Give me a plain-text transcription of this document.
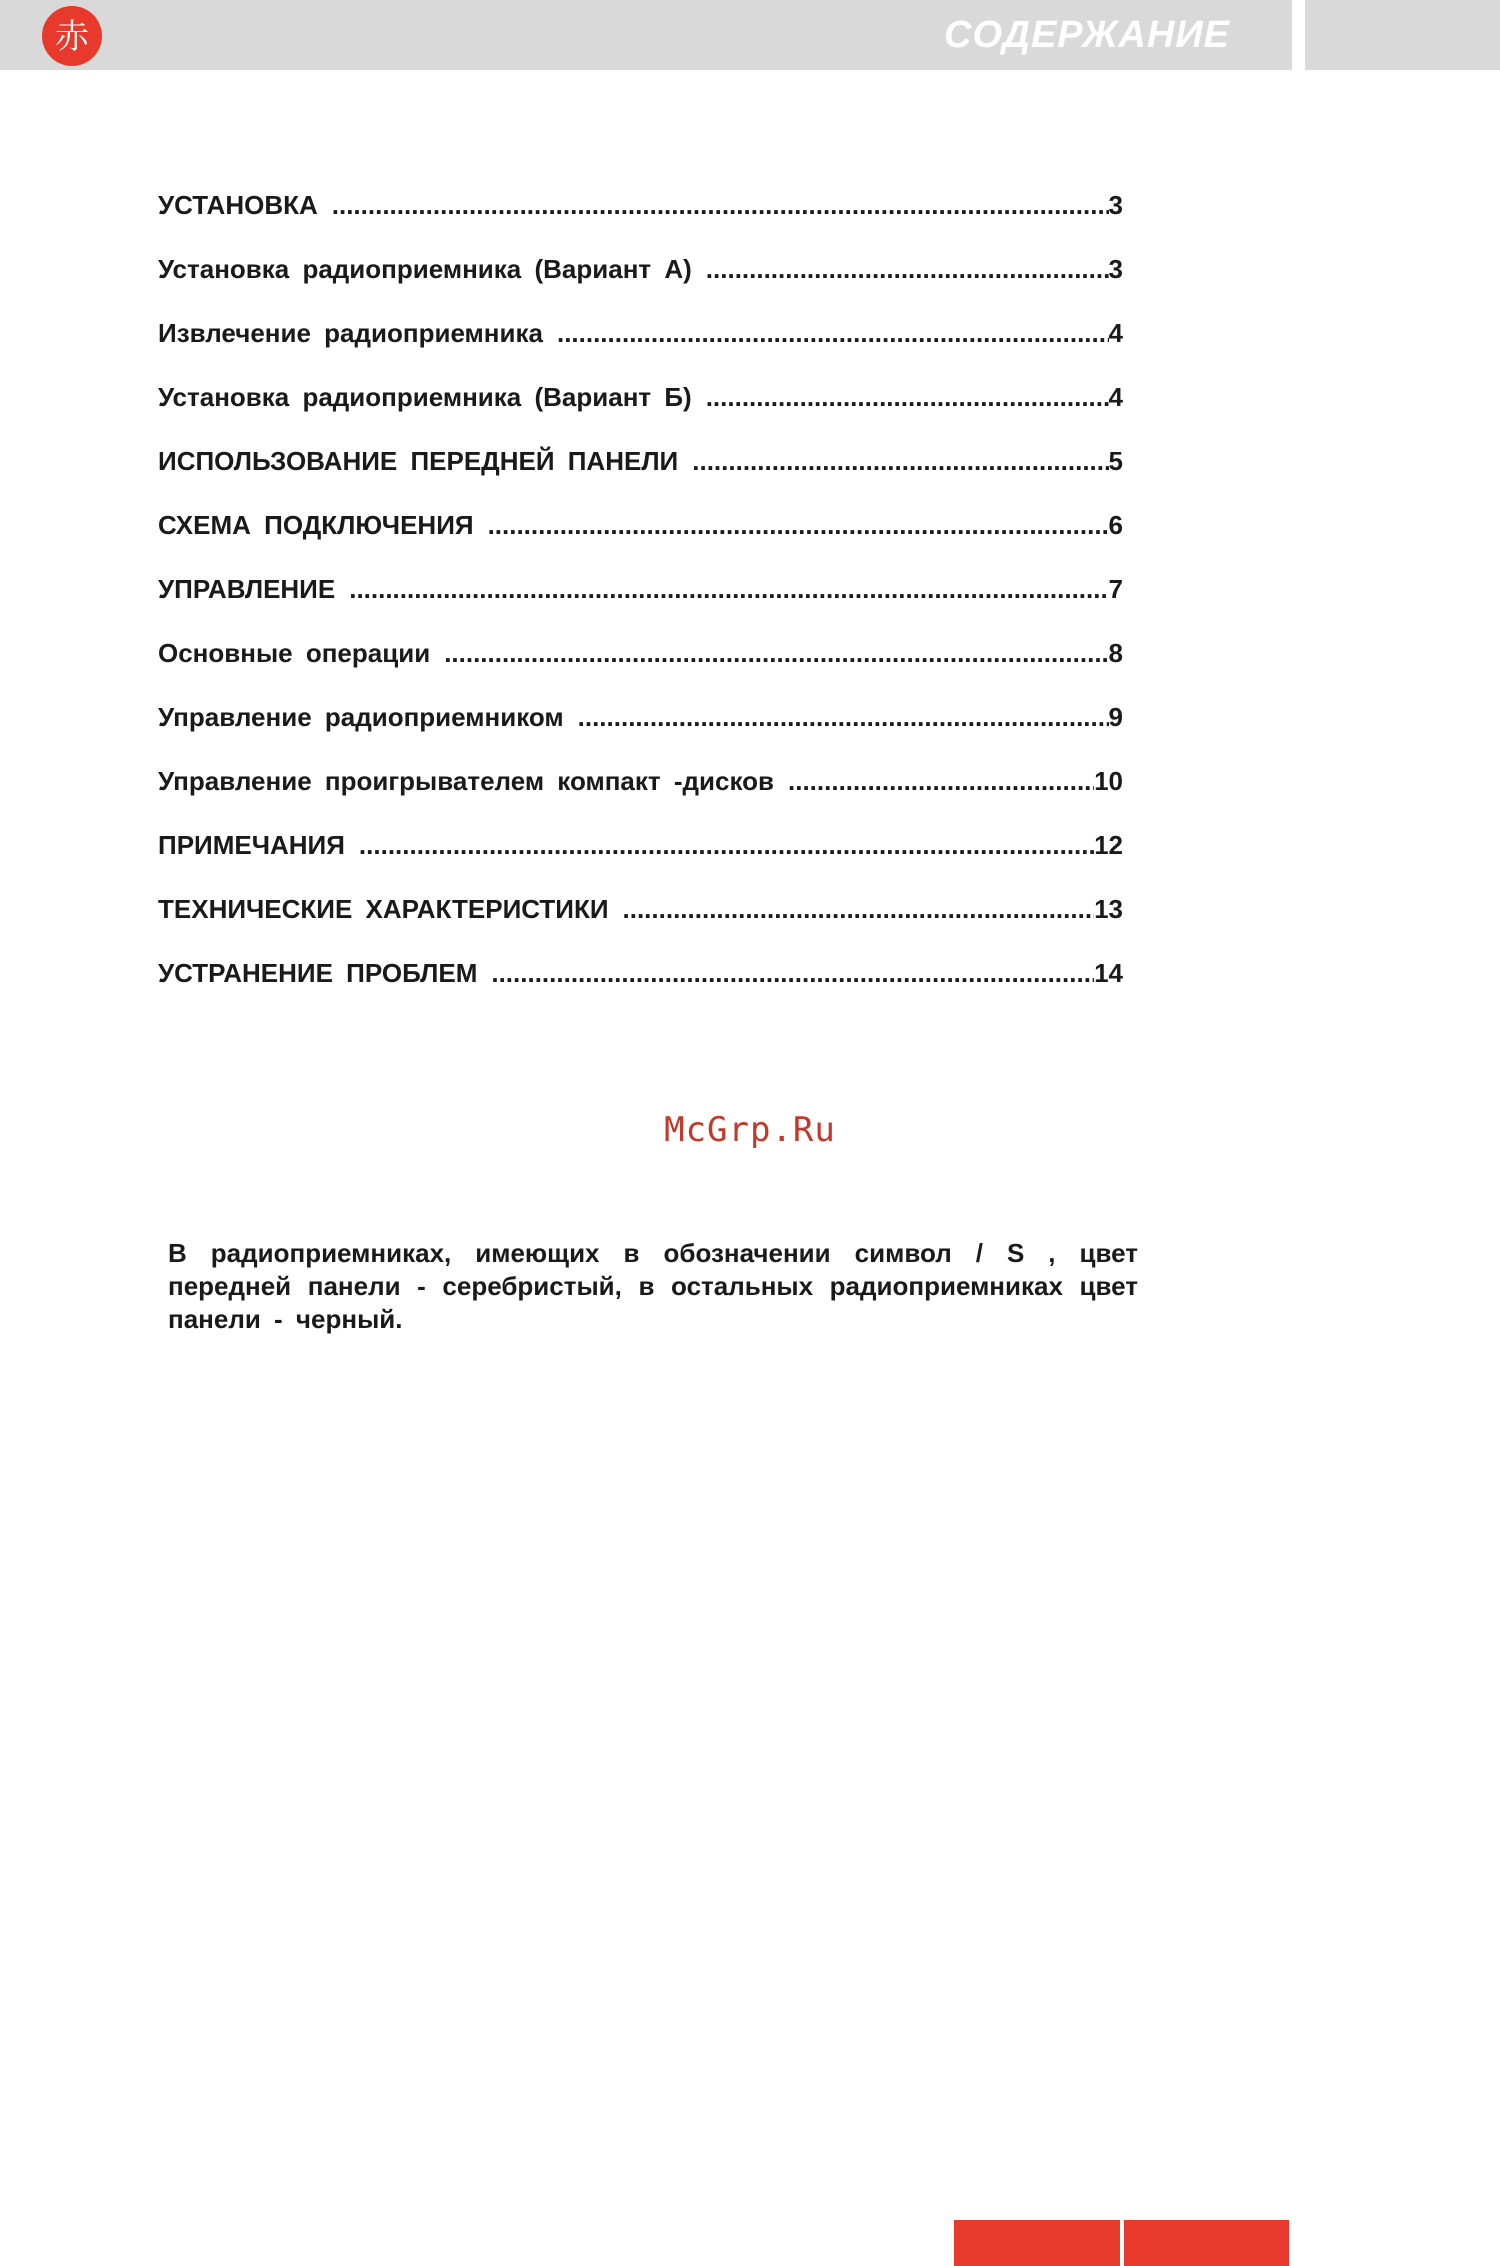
赤	СОДЕРЖАНИЕ
УСТАНОВКА .....	3
Установка радиоприемника (Вариант А) .....	3
Извлечение радиоприемника .....	4
Установка радиоприемника (Вариант Б) .....	4
ИСПОЛЬЗОВАНИЕ ПЕРЕДНЕЙ ПАНЕЛИ .....	5
СХЕМА ПОДКЛЮЧЕНИЯ .....	6
УПРАВЛЕНИЕ .....	7
Основные операции .....	8
Управление радиоприемником .....	9
Управление проигрывателем компакт -дисков .....	10
ПРИМЕЧАНИЯ .....	12
ТЕХНИЧЕСКИЕ ХАРАКТЕРИСТИКИ .....	13
УСТРАНЕНИЕ ПРОБЛЕМ .....	14
McGrp.Ru
В радиоприемниках, имеющих в обозначении символ / S , цвет передней панели - серебристый, в остальных радиоприемниках цвет панели - черный.
